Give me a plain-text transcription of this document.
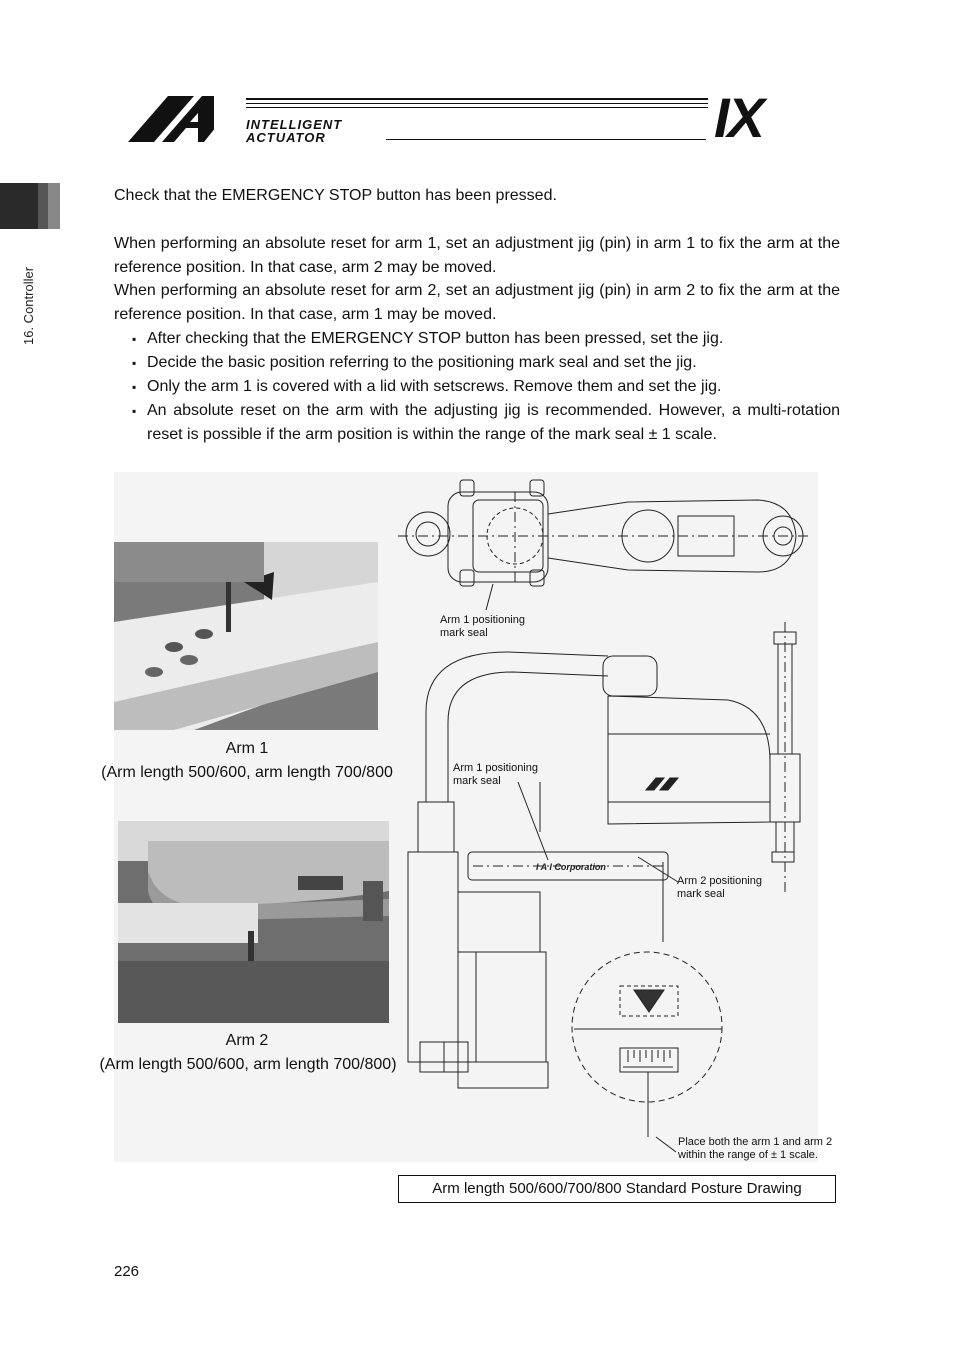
INTELLIGENT
ACTUATOR	IX
16. Controller
Check that the EMERGENCY STOP button has been pressed.
When performing an absolute reset for arm 1, set an adjustment jig (pin) in arm 1 to fix the arm at the reference position. In that case, arm 2 may be moved.
When performing an absolute reset for arm 2, set an adjustment jig (pin) in arm 2 to fix the arm at the reference position. In that case, arm 1 may be moved.
▪ After checking that the EMERGENCY STOP button has been pressed, set the jig.
▪ Decide the basic position referring to the positioning mark seal and set the jig.
▪ Only the arm 1 is covered with a lid with setscrews. Remove them and set the jig.
▪ An absolute reset on the arm with the adjusting jig is recommended. However, a multi-rotation reset is possible if the arm position is within the range of the mark seal ± 1 scale.
Arm 1
(Arm length 500/600, arm length 700/800
Arm 2
(Arm length 500/600, arm length 700/800)
I A I Corporation
Arm 1 positioning
mark seal
Arm 1 positioning
mark seal
Arm 2 positioning
mark seal
Place both the arm 1 and arm 2
within the range of ± 1 scale.
Arm length 500/600/700/800 Standard Posture Drawing
226
